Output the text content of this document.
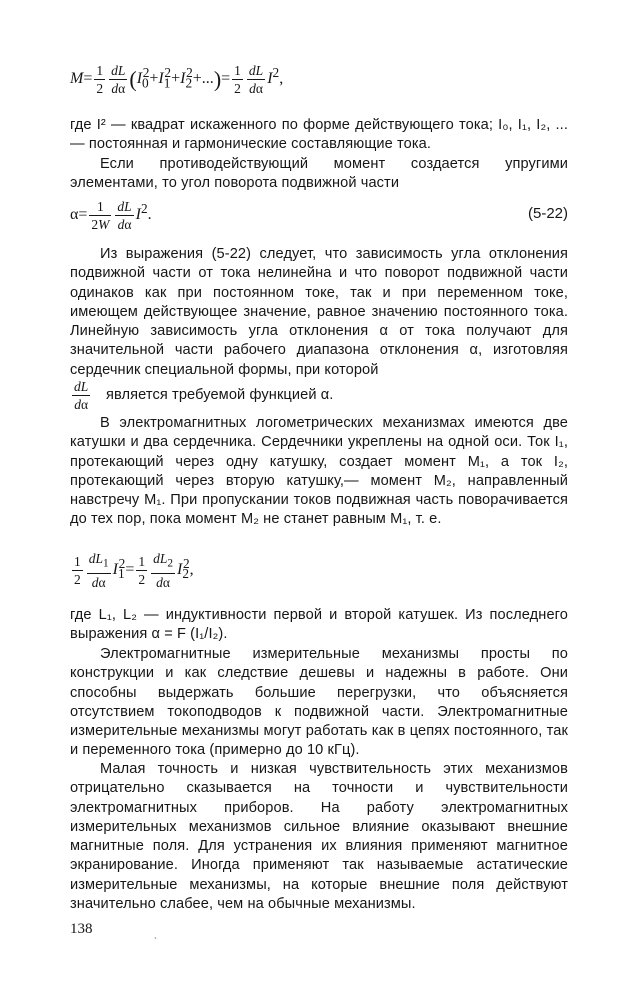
$M= \frac{1}{2} \frac{dL}{d\alpha} (I_0^2+I_1^2+I_2^2+...)= \frac{1}{2} \frac{dL}{d\alpha} I^2$,

где I² — квадрат искаженного по форме действующего тока; I₀, I₁, I₂, ...— постоянная и гармонические составляющие тока.

Если противодействующий момент создается упругими элементами, то угол поворота подвижной части

$\alpha= \frac{1}{2W} \frac{dL}{d\alpha} I^2$.	(5-22)

Из выражения (5-22) следует, что зависимость угла отклонения подвижной части от тока нелинейна и что поворот подвижной части одинаков как при постоянном токе, так и при переменном токе, имеющем действующее значение, равное значению постоянного тока. Линейную зависимость угла отклонения α от тока получают для значительной части рабочего диапазона отклонения α, изготовляя сердечник специальной формы, при которой

$\frac{dL}{d\alpha}$ является требуемой функцией α.

В электромагнитных логометрических механизмах имеются две катушки и два сердечника. Сердечники укреплены на одной оси. Ток I₁, протекающий через одну катушку, создает момент M₁, а ток I₂, протекающий через вторую катушку,— момент M₂, направленный навстречу M₁. При пропускании токов подвижная часть поворачивается до тех пор, пока момент M₂ не станет равным M₁, т. е.

$\frac{1}{2} \frac{dL_1}{d\alpha} I_1^2= \frac{1}{2} \frac{dL_2}{d\alpha} I_2^2$,

где L₁, L₂ — индуктивности первой и второй катушек. Из последнего выражения α = F (I₁/I₂).

Электромагнитные измерительные механизмы просты по конструкции и как следствие дешевы и надежны в работе. Они способны выдержать большие перегрузки, что объясняется отсутствием токоподводов к подвижной части. Электромагнитные измерительные механизмы могут работать как в цепях постоянного, так и переменного тока (примерно до 10 кГц).

Малая точность и низкая чувствительность этих механизмов отрицательно сказывается на точности и чувствительности электромагнитных приборов. На работу электромагнитных измерительных механизмов сильное влияние оказывают внешние магнитные поля. Для устранения их влияния применяют магнитное экранирование. Иногда применяют так называемые астатические измерительные механизмы, на которые внешние поля действуют значительно слабее, чем на обычные механизмы.

138	ˎ
